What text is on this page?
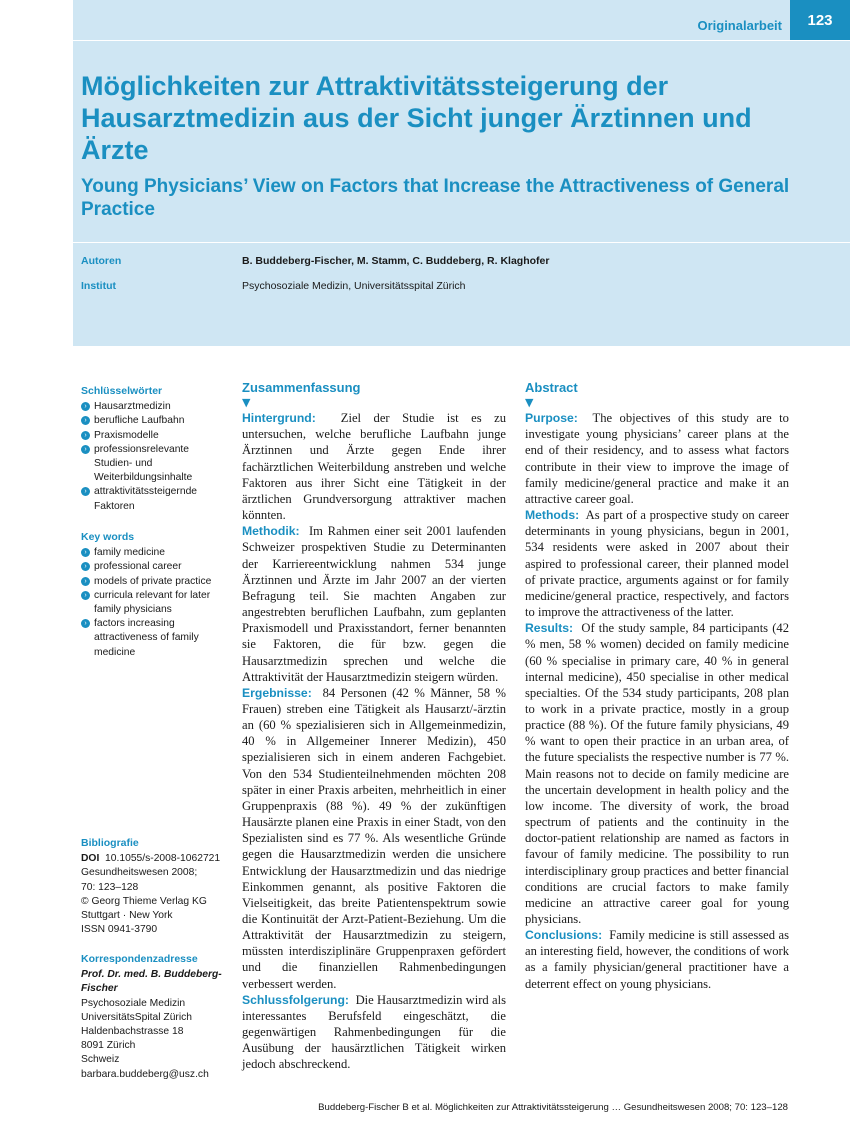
Originalarbeit	123
Möglichkeiten zur Attraktivitätssteigerung der Hausarztmedizin aus der Sicht junger Ärztinnen und Ärzte
Young Physicians’ View on Factors that Increase the Attractiveness of General Practice
Autoren	B. Buddeberg-Fischer, M. Stamm, C. Buddeberg, R. Klaghofer
Institut	Psychosoziale Medizin, Universitätsspital Zürich
Schlüsselwörter
› Hausarztmedizin
› berufliche Laufbahn
› Praxismodelle
› professionsrelevante Studien- und Weiterbildungsinhalte
› attraktivitätssteigernde Faktoren
Key words
› family medicine
› professional career
› models of private practice
› curricula relevant for later family physicians
› factors increasing attractiveness of family medicine
Bibliografie

DOI 10.1055/s-2008-1062721

Gesundheitswesen 2008;

70: 123–128

© Georg Thieme Verlag KG

Stuttgart · New York

ISSN 0941-3790

Korrespondenzadresse

Prof. Dr. med. B. Buddeberg-Fischer

Psychosoziale Medizin

UniversitätsSpital Zürich

Haldenbachstrasse 18

8091 Zürich

Schweiz

barbara.buddeberg@usz.ch

Zusammenfassung
▼

Hintergrund: Ziel der Studie ist es zu untersuchen, welche berufliche Laufbahn junge Ärztinnen und Ärzte gegen Ende ihrer fachärztlichen Weiterbildung anstreben und welche Faktoren aus ihrer Sicht eine Tätigkeit in der ärztlichen Grundversorgung attraktiver machen könnten.

Methodik: Im Rahmen einer seit 2001 laufenden Schweizer prospektiven Studie zu Determinanten der Karriereentwicklung nahmen 534 junge Ärztinnen und Ärzte im Jahr 2007 an der vierten Befragung teil. Sie machten Angaben zur angestrebten beruflichen Laufbahn, zum geplanten Praxismodell und Praxisstandort, ferner benannten sie Faktoren, die für bzw. gegen die Hausarztmedizin sprechen und welche die Attraktivität der Hausarztmedizin steigern würden.

Ergebnisse: 84 Personen (42 % Männer, 58 % Frauen) streben eine Tätigkeit als Hausarzt/-ärztin an (60 % spezialisieren sich in Allgemeinmedizin, 40 % in Allgemeiner Innerer Medizin), 450 spezialisieren sich in einem anderen Fachgebiet. Von den 534 Studienteilnehmenden möchten 208 später in einer Praxis arbeiten, mehrheitlich in einer Gruppenpraxis (88 %). 49 % der zukünftigen Hausärzte planen eine Praxis in einer Stadt, von den Spezialisten sind es 77 %. Als wesentliche Gründe gegen die Hausarztmedizin werden die unsichere Entwicklung der Hausarztmedizin und das niedrige Einkommen genannt, als positive Faktoren die Vielseitigkeit, das breite Patientenspektrum sowie die Kontinuität der Arzt-Patient-Beziehung. Um die Attraktivität der Hausarztmedizin zu steigern, müssten interdisziplinäre Gruppenpraxen gefördert und die finanziellen Rahmenbedingungen verbessert werden.

Schlussfolgerung: Die Hausarztmedizin wird als interessantes Berufsfeld eingeschätzt, die gegenwärtigen Rahmenbedingungen für die Ausübung der hausärztlichen Tätigkeit wirken jedoch abschreckend.

Abstract
▼

Purpose: The objectives of this study are to investigate young physicians’ career plans at the end of their residency, and to assess what factors contribute in their view to improve the image of family medicine/general practice and make it an attractive career goal.

Methods: As part of a prospective study on career determinants in young physicians, begun in 2001, 534 residents were asked in 2007 about their aspired to professional career, their planned model of private practice, arguments against or for family medicine/general practice, respectively, and factors to improve the attractiveness of the latter.

Results: Of the study sample, 84 participants (42 % men, 58 % women) decided on family medicine (60 % specialise in primary care, 40 % in general internal medicine), 450 specialise in other medical specialties. Of the 534 study participants, 208 plan to work in a private practice, mostly in a group practice (88 %). Of the future family physicians, 49 % want to open their practice in an urban area, of the future specialists the respective number is 77 %. Main reasons not to decide on family medicine are the uncertain development in health policy and the low income. The diversity of work, the broad spectrum of patients and the continuity in the doctor-patient relationship are named as factors in favour of family medicine. The possibility to run interdisciplinary group practices and better financial conditions are crucial factors to make family medicine an attractive career goal for young physicians.

Conclusions: Family medicine is still assessed as an interesting field, however, the conditions of work as a family physician/general practitioner have a deterrent effect on young physicians.

Buddeberg-Fischer B et al. Möglichkeiten zur Attraktivitätssteigerung … Gesundheitswesen 2008; 70: 123–128
